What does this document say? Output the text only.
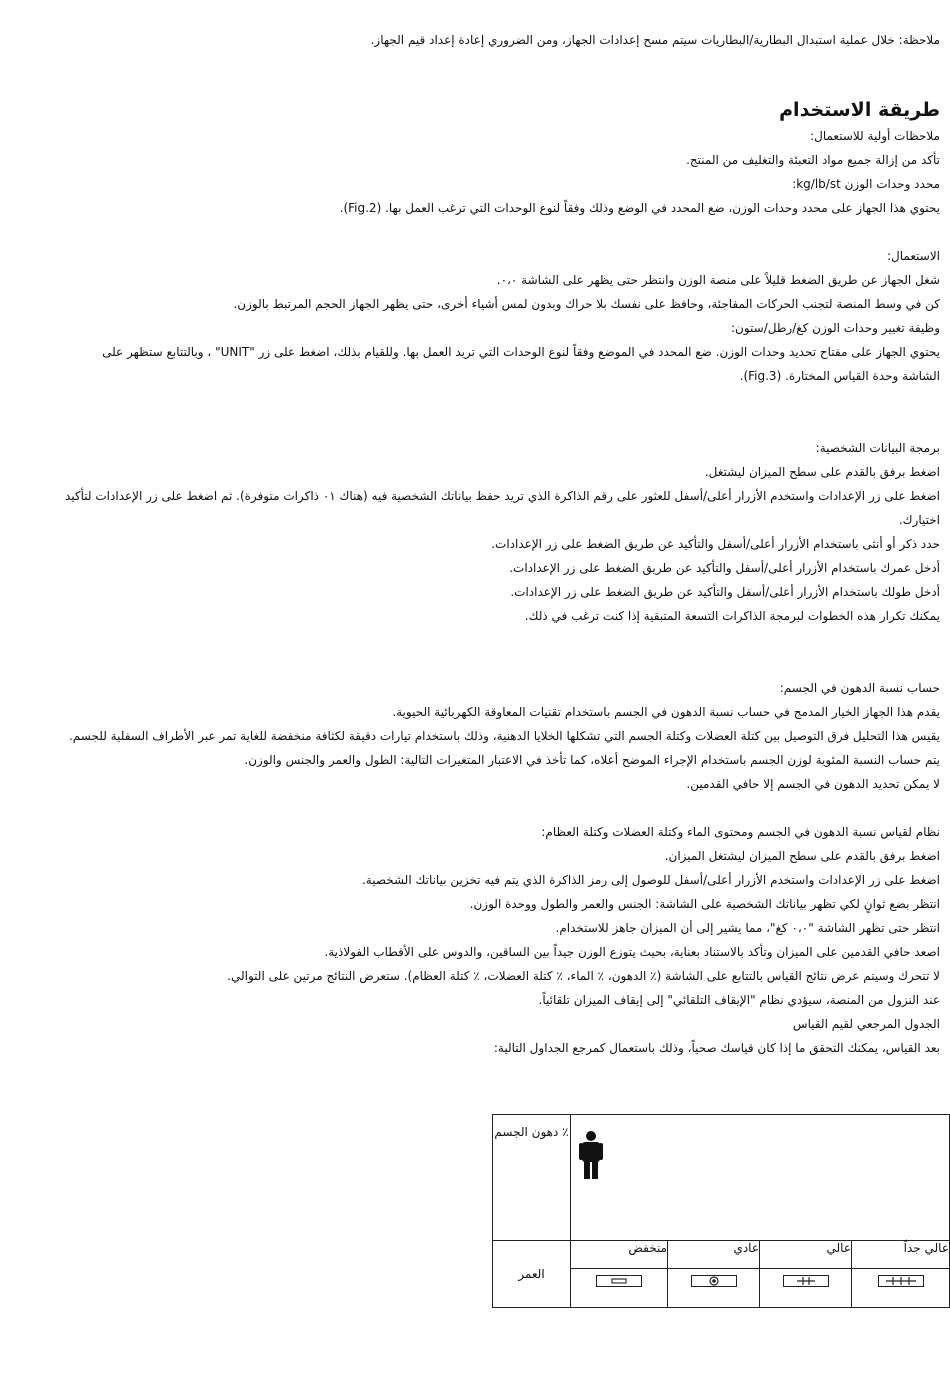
ملاحظة: خلال عملية استبدال البطارية/البطاريات سيتم مسح إعدادات الجهاز، ومن الضروري إعادة إعداد قيم الجهاز.

طريقة الاستخدام

ملاحظات أولية للاستعمال:

تأكد من إزالة جميع مواد التعبئة والتغليف من المنتج.

محدد وحدات الوزن kg/lb/st:

يحتوي هذا الجهاز على محدد وحدات الوزن، ضع المحدد في الوضع وذلك وفقاً لنوع الوحدات التي ترغب العمل بها. (Fig.2).

الاستعمال:

شغل الجهاز عن طريق الضغط قليلاً على منصة الوزن وانتظر حتى يظهر على الشاشة ٠،٠.

كن في وسط المنصة لتجنب الحركات المفاجئة، وحافظ على نفسك بلا حراك وبدون لمس أشياء أخرى، حتى يظهر الجهاز الحجم المرتبط بالوزن.

وظيفة تغيير وحدات الوزن كغ/رطل/ستون:

يحتوي الجهاز على مفتاح تحديد وحدات الوزن. ضع المحدد في الموضع وفقاً لنوع الوحدات التي تريد العمل بها. وللقيام بذلك، اضغط على زر "UNIT" ، وبالتتابع ستظهر على

الشاشة وحدة القياس المختارة. (Fig.3).

برمجة البيانات الشخصية:

اضغط برفق بالقدم على سطح الميزان ليشتغل.

اضغط على زر الإعدادات واستخدم الأزرار أعلى/أسفل للعثور على رقم الذاكرة الذي تريد حفظ بياناتك الشخصية فيه (هناك ٠١ ذاكرات متوفرة). ثم اضغط على زر الإعدادات لتأكيد

اختيارك.

حدد ذكر أو أنثى باستخدام الأزرار أعلى/أسفل والتأكيد عن طريق الضغط على زر الإعدادات.

أدخل عمرك باستخدام الأزرار أعلى/أسفل والتأكيد عن طريق الضغط على زر الإعدادات.

أدخل طولك باستخدام الأزرار أعلى/أسفل والتأكيد عن طريق الضغط على زر الإعدادات.

يمكنك تكرار هذه الخطوات لبرمجة الذاكرات التسعة المتبقية إذا كنت ترغب في ذلك.

حساب نسبة الدهون في الجسم:

يقدم هذا الجهاز الخيار المدمج في حساب نسبة الدهون في الجسم باستخدام تقنيات المعاوقة الكهربائية الحيوية.

يقيس هذا التحليل فرق التوصيل بين كتلة العضلات وكتلة الجسم التي تشكلها الخلايا الدهنية، وذلك باستخدام تيارات دقيقة لكثافة منخفضة للغاية تمر عبر الأطراف السفلية للجسم.

يتم حساب النسبة المئوية لوزن الجسم باستخدام الإجراء الموضح أعلاه، كما تأخذ في الاعتبار المتغيرات التالية: الطول والعمر والجنس والوزن.

لا يمكن تحديد الدهون في الجسم إلا حافي القدمين.

نظام لقياس نسبة الدهون في الجسم ومحتوى الماء وكتلة العضلات وكتلة العظام:

اضغط برفق بالقدم على سطح الميزان ليشتغل الميزان.

اضغط على زر الإعدادات واستخدم الأزرار أعلى/أسفل للوصول إلى رمز الذاكرة الذي يتم فيه تخزين بياناتك الشخصية.

انتظر بضع ثوانٍ لكي تظهر بياناتك الشخصية على الشاشة: الجنس والعمر والطول ووحدة الوزن.

انتظر حتى تظهر الشاشة "٠،٠ كغ"، مما يشير إلى أن الميزان جاهز للاستخدام.

اصعد حافي القدمين على الميزان وتأكد بالاستناد بعناية، بحيث يتوزع الوزن جيداً بين الساقين، والدوس على الأقطاب الفولاذية.

لا تتحرك وسيتم عرض نتائج القياس بالتتابع على الشاشة (٪ الدهون، ٪ الماء، ٪ كتلة العضلات، ٪ كتلة العظام). ستعرض النتائج مرتين على التوالي.

عند النزول من المنصة، سيؤدي نظام "الإيقاف التلقائي" إلى إيقاف الميزان تلقائياً.

الجدول المرجعي لقيم القياس

بعد القياس، يمكنك التحقق ما إذا كان قياسك صحياً، وذلك باستعمال كمرجع الجداول التالية:

	٪ دهون الجسم
عالي جداً	عالي	عادي	منخفض	العمر
